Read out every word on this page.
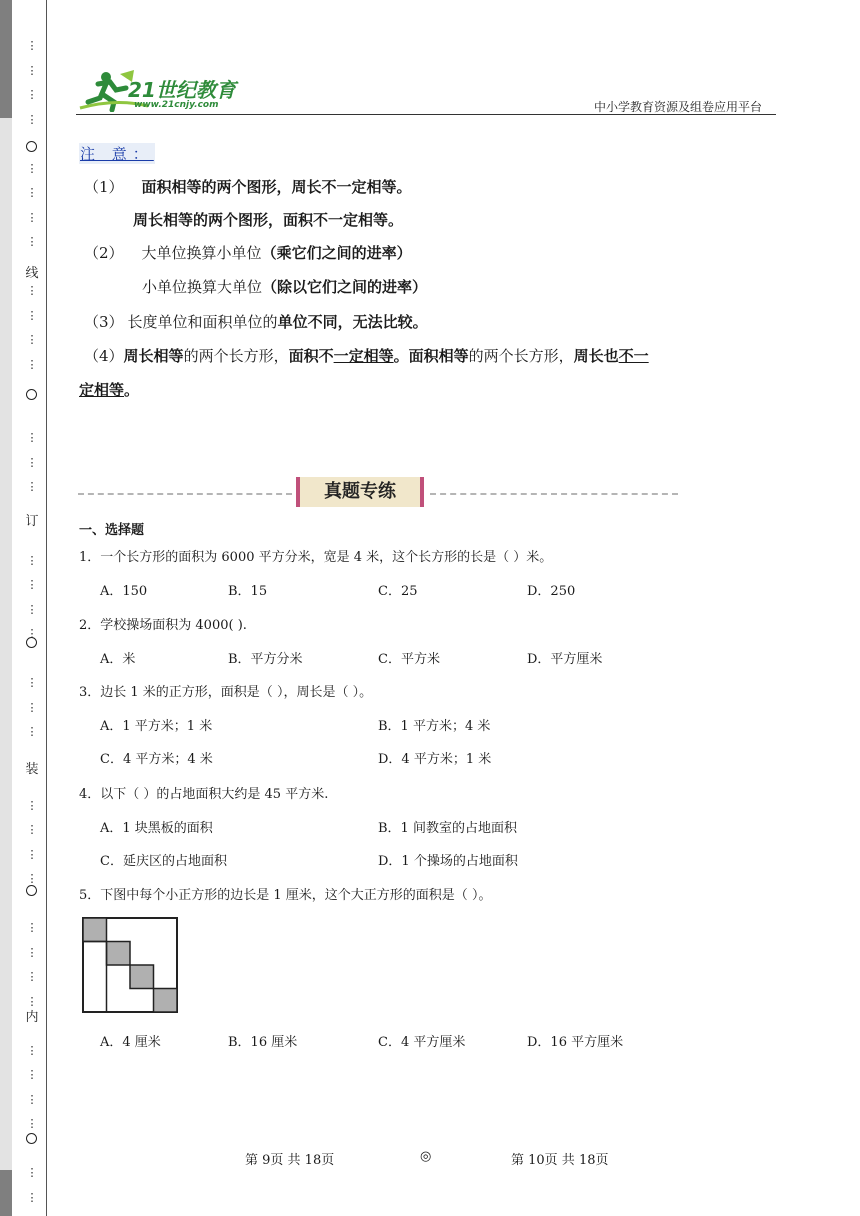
⋮
⋮
⋮
⋮
⋮
⋮
⋮
⋮
⋮
⋮
⋮
⋮
⋮
⋮
⋮
⋮
⋮
⋮
⋮
⋮
⋮
⋮
⋮
⋮
⋮
⋮
⋮
⋮
⋮
⋮
⋮
⋮
⋮
⋮
⋮
⋮
线
订
装
内
21世纪教育
www.21cnjy.com	中小学教育资源及组卷应用平台
注 意：
（1） 面积相等的两个图形，周长不一定相等。
周长相等的两个图形，面积不一定相等。
（2） 大单位换算小单位（乘它们之间的进率）
小单位换算大单位（除以它们之间的进率）
（3） 长度单位和面积单位的单位不同，无法比较。
（4）周长相等的两个长方形，面积不一定相等。面积相等的两个长方形，周长也不一
定相等。
真题专练
一、选择题
1．一个长方形的面积为 6000 平方分米，宽是 4 米，这个长方形的长是（ ）米。
A．150	B．15	C．25	D．250
2．学校操场面积为 4000( ).
A．米	B．平方分米	C．平方米	D．平方厘米
3．边长 1 米的正方形，面积是（ ），周长是（ ）。
A．1 平方米；1 米	B．1 平方米；4 米
C．4 平方米；4 米	D．4 平方米；1 米
4．以下（ ）的占地面积大约是 45 平方米.
A．1 块黑板的面积	B．1 间教室的占地面积
C．延庆区的占地面积	D．1 个操场的占地面积
5．下图中每个小正方形的边长是 1 厘米，这个大正方形的面积是（ ）。
A．4 厘米	B．16 厘米	C．4 平方厘米	D．16 平方厘米
第 9页 共 18页	◎	第 10页 共 18页
